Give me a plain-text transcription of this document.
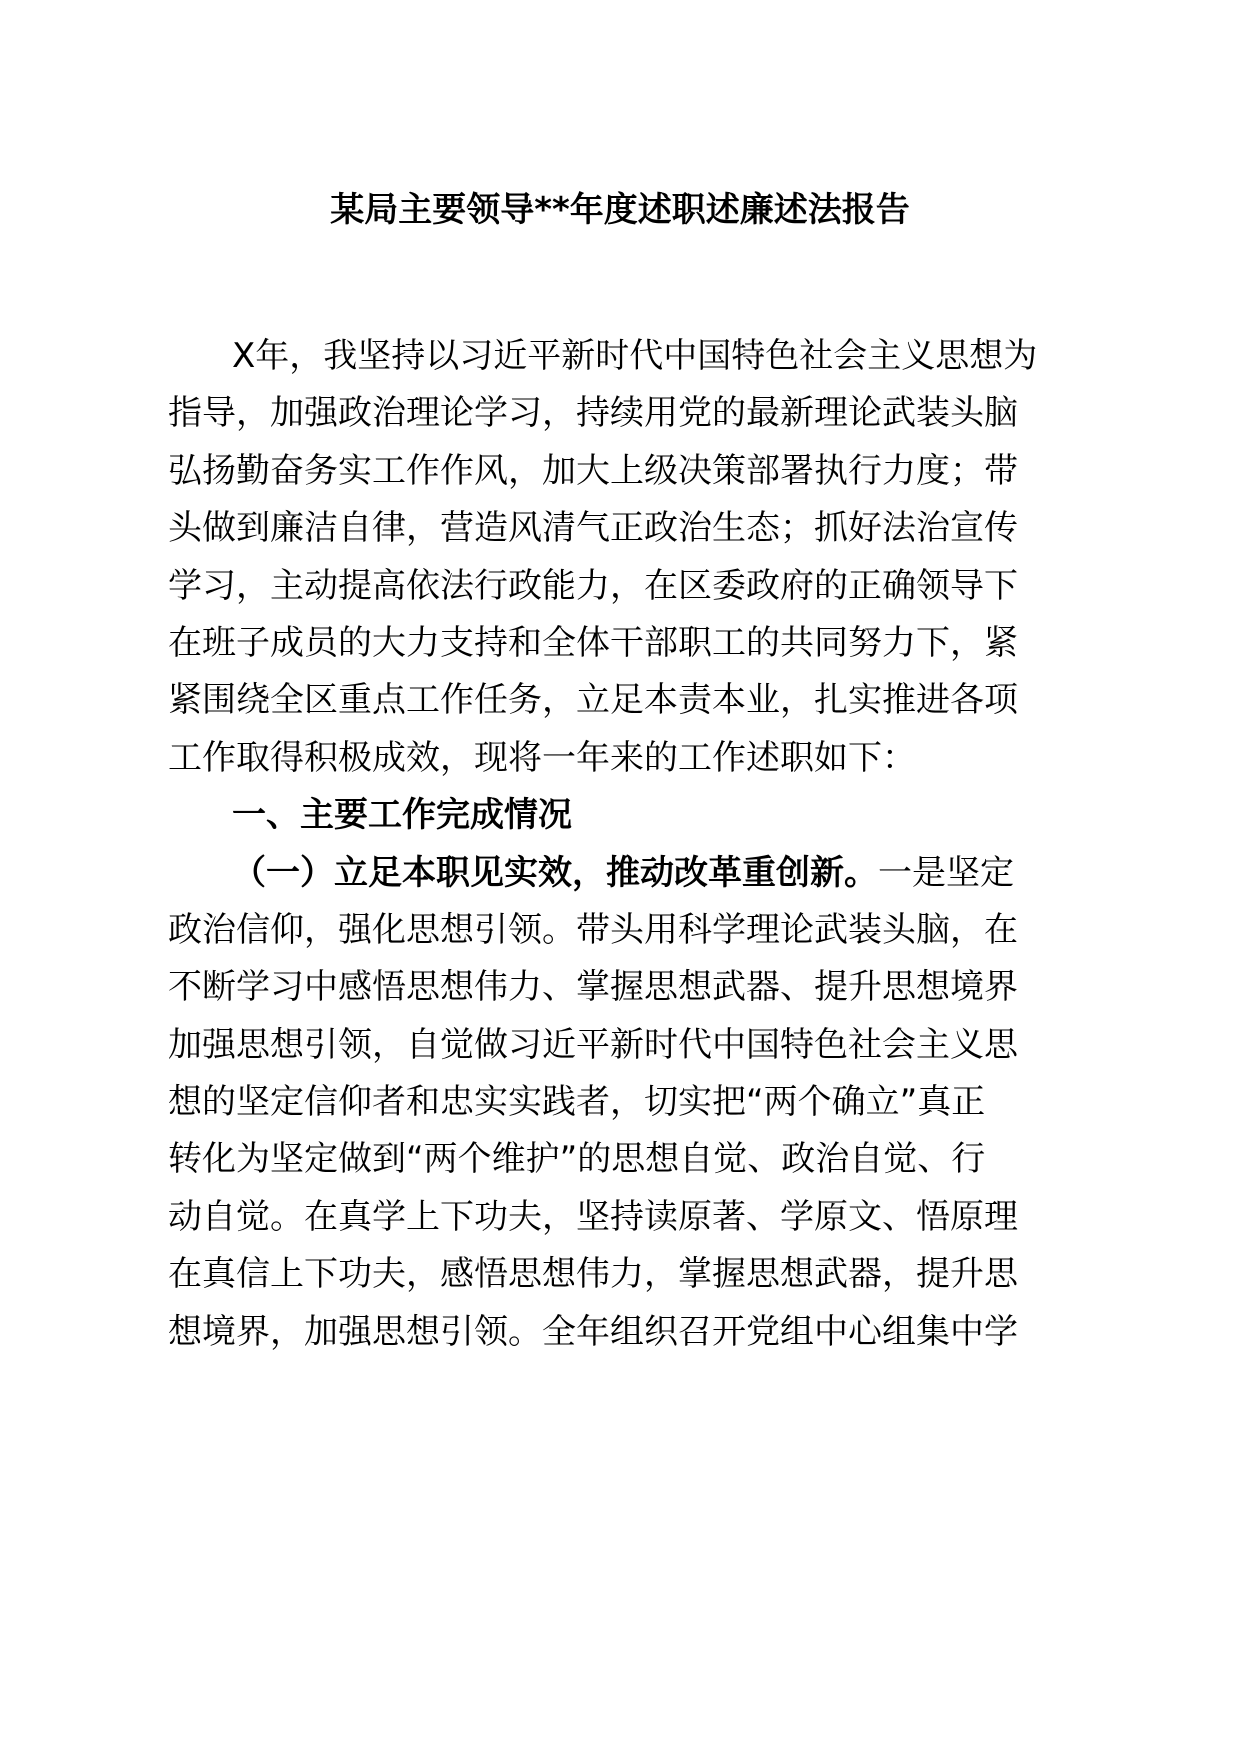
某局主要领导**年度述职述廉述法报告
X年，我坚持以习近平新时代中国特色社会主义思想为
指导，加强政治理论学习，持续用党的最新理论武装头脑
弘扬勤奋务实工作作风，加大上级决策部署执行力度；带
头做到廉洁自律，营造风清气正政治生态；抓好法治宣传
学习，主动提高依法行政能力，在区委政府的正确领导下
在班子成员的大力支持和全体干部职工的共同努力下，紧
紧围绕全区重点工作任务，立足本责本业，扎实推进各项
工作取得积极成效，现将一年来的工作述职如下：
一、主要工作完成情况
（一）立足本职见实效，推动改革重创新。一是坚定
政治信仰，强化思想引领。带头用科学理论武装头脑，在
不断学习中感悟思想伟力、掌握思想武器、提升思想境界
加强思想引领，自觉做习近平新时代中国特色社会主义思
想的坚定信仰者和忠实实践者，切实把“两个确立”真正
转化为坚定做到“两个维护”的思想自觉、政治自觉、行
动自觉。在真学上下功夫，坚持读原著、学原文、悟原理
在真信上下功夫，感悟思想伟力，掌握思想武器，提升思
想境界，加强思想引领。全年组织召开党组中心组集中学
